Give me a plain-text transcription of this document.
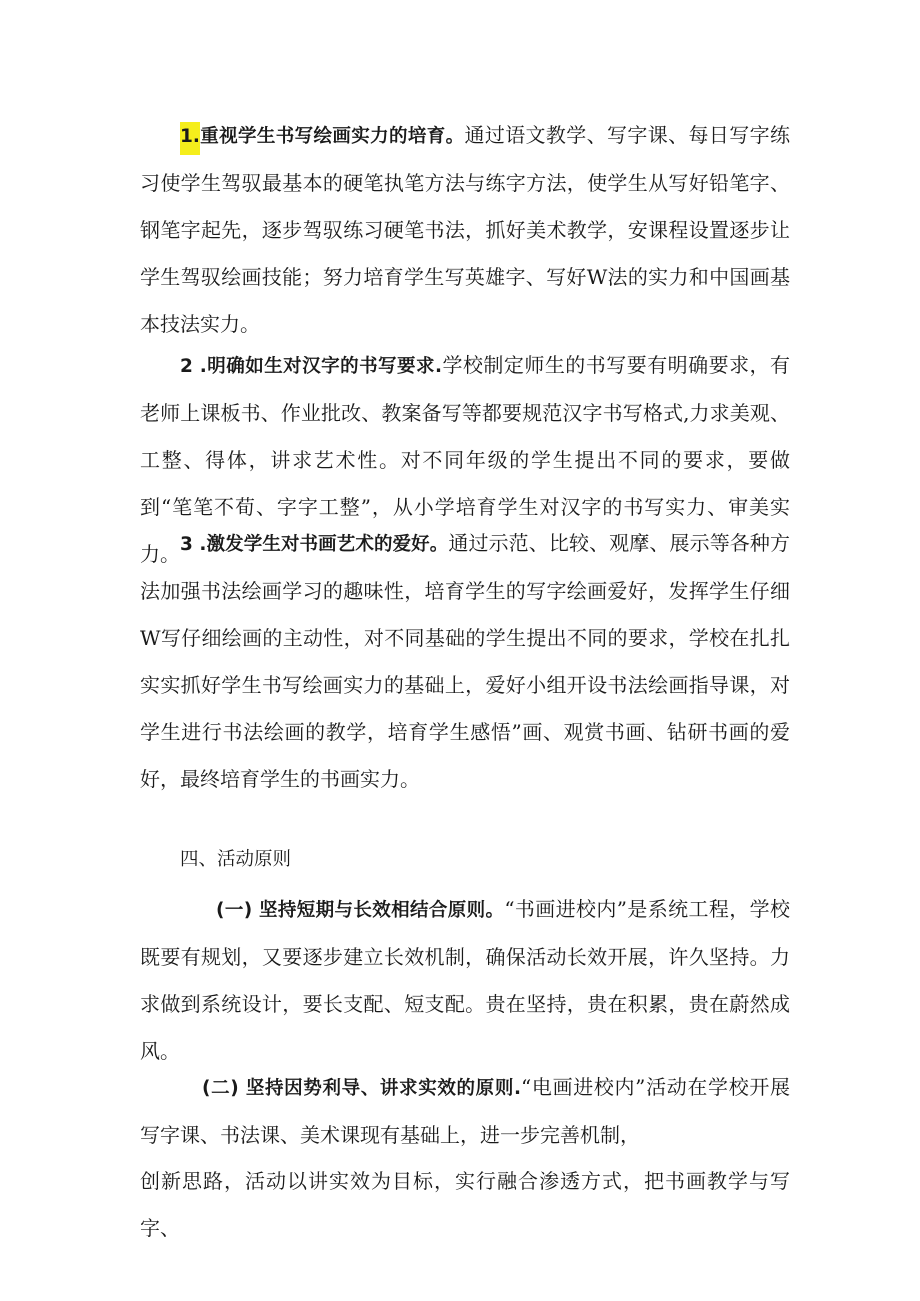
1.重视学生书写绘画实力的培育。通过语文教学、写字课、每日写字练习使学生驾驭最基本的硬笔执笔方法与练字方法，使学生从写好铅笔字、钢笔字起先，逐步驾驭练习硬笔书法，抓好美术教学，安课程设置逐步让学生驾驭绘画技能；努力培育学生写英雄字、写好W法的实力和中国画基本技法实力。

2 .明确如生对汉字的书写要求.学校制定师生的书写要有明确要求，有老师上课板书、作业批改、教案备写等都要规范汉字书写格式,力求美观、工整、得体，讲求艺术性。对不同年级的学生提出不同的要求，要做到“笔笔不荀、字字工整”，从小学培育学生对汉字的书写实力、审美实力。 3 .激发学生对书画艺术的爱好。通过示范、比较、观摩、展示等各种方法加强书法绘画学习的趣味性，培育学生的写字绘画爱好，发挥学生仔细W写仔细绘画的主动性，对不同基础的学生提出不同的要求，学校在扎扎实实抓好学生书写绘画实力的基础上，爱好小组开设书法绘画指导课，对学生进行书法绘画的教学，培育学生感悟”画、观赏书画、钻研书画的爱好，最终培育学生的书画实力。

四、活动原则

(一) 坚持短期与长效相结合原则。“书画进校内”是系统工程，学校既要有规划，又要逐步建立长效机制，确保活动长效开展，许久坚持。力求做到系统设计，要长支配、短支配。贵在坚持，贵在积累，贵在蔚然成风。

(二) 坚持因势利导、讲求实效的原则.“电画进校内”活动在学校开展写字课、书法课、美术课现有基础上，进一步完善机制，

创新思路，活动以讲实效为目标，实行融合渗透方式，把书画教学与写字、
